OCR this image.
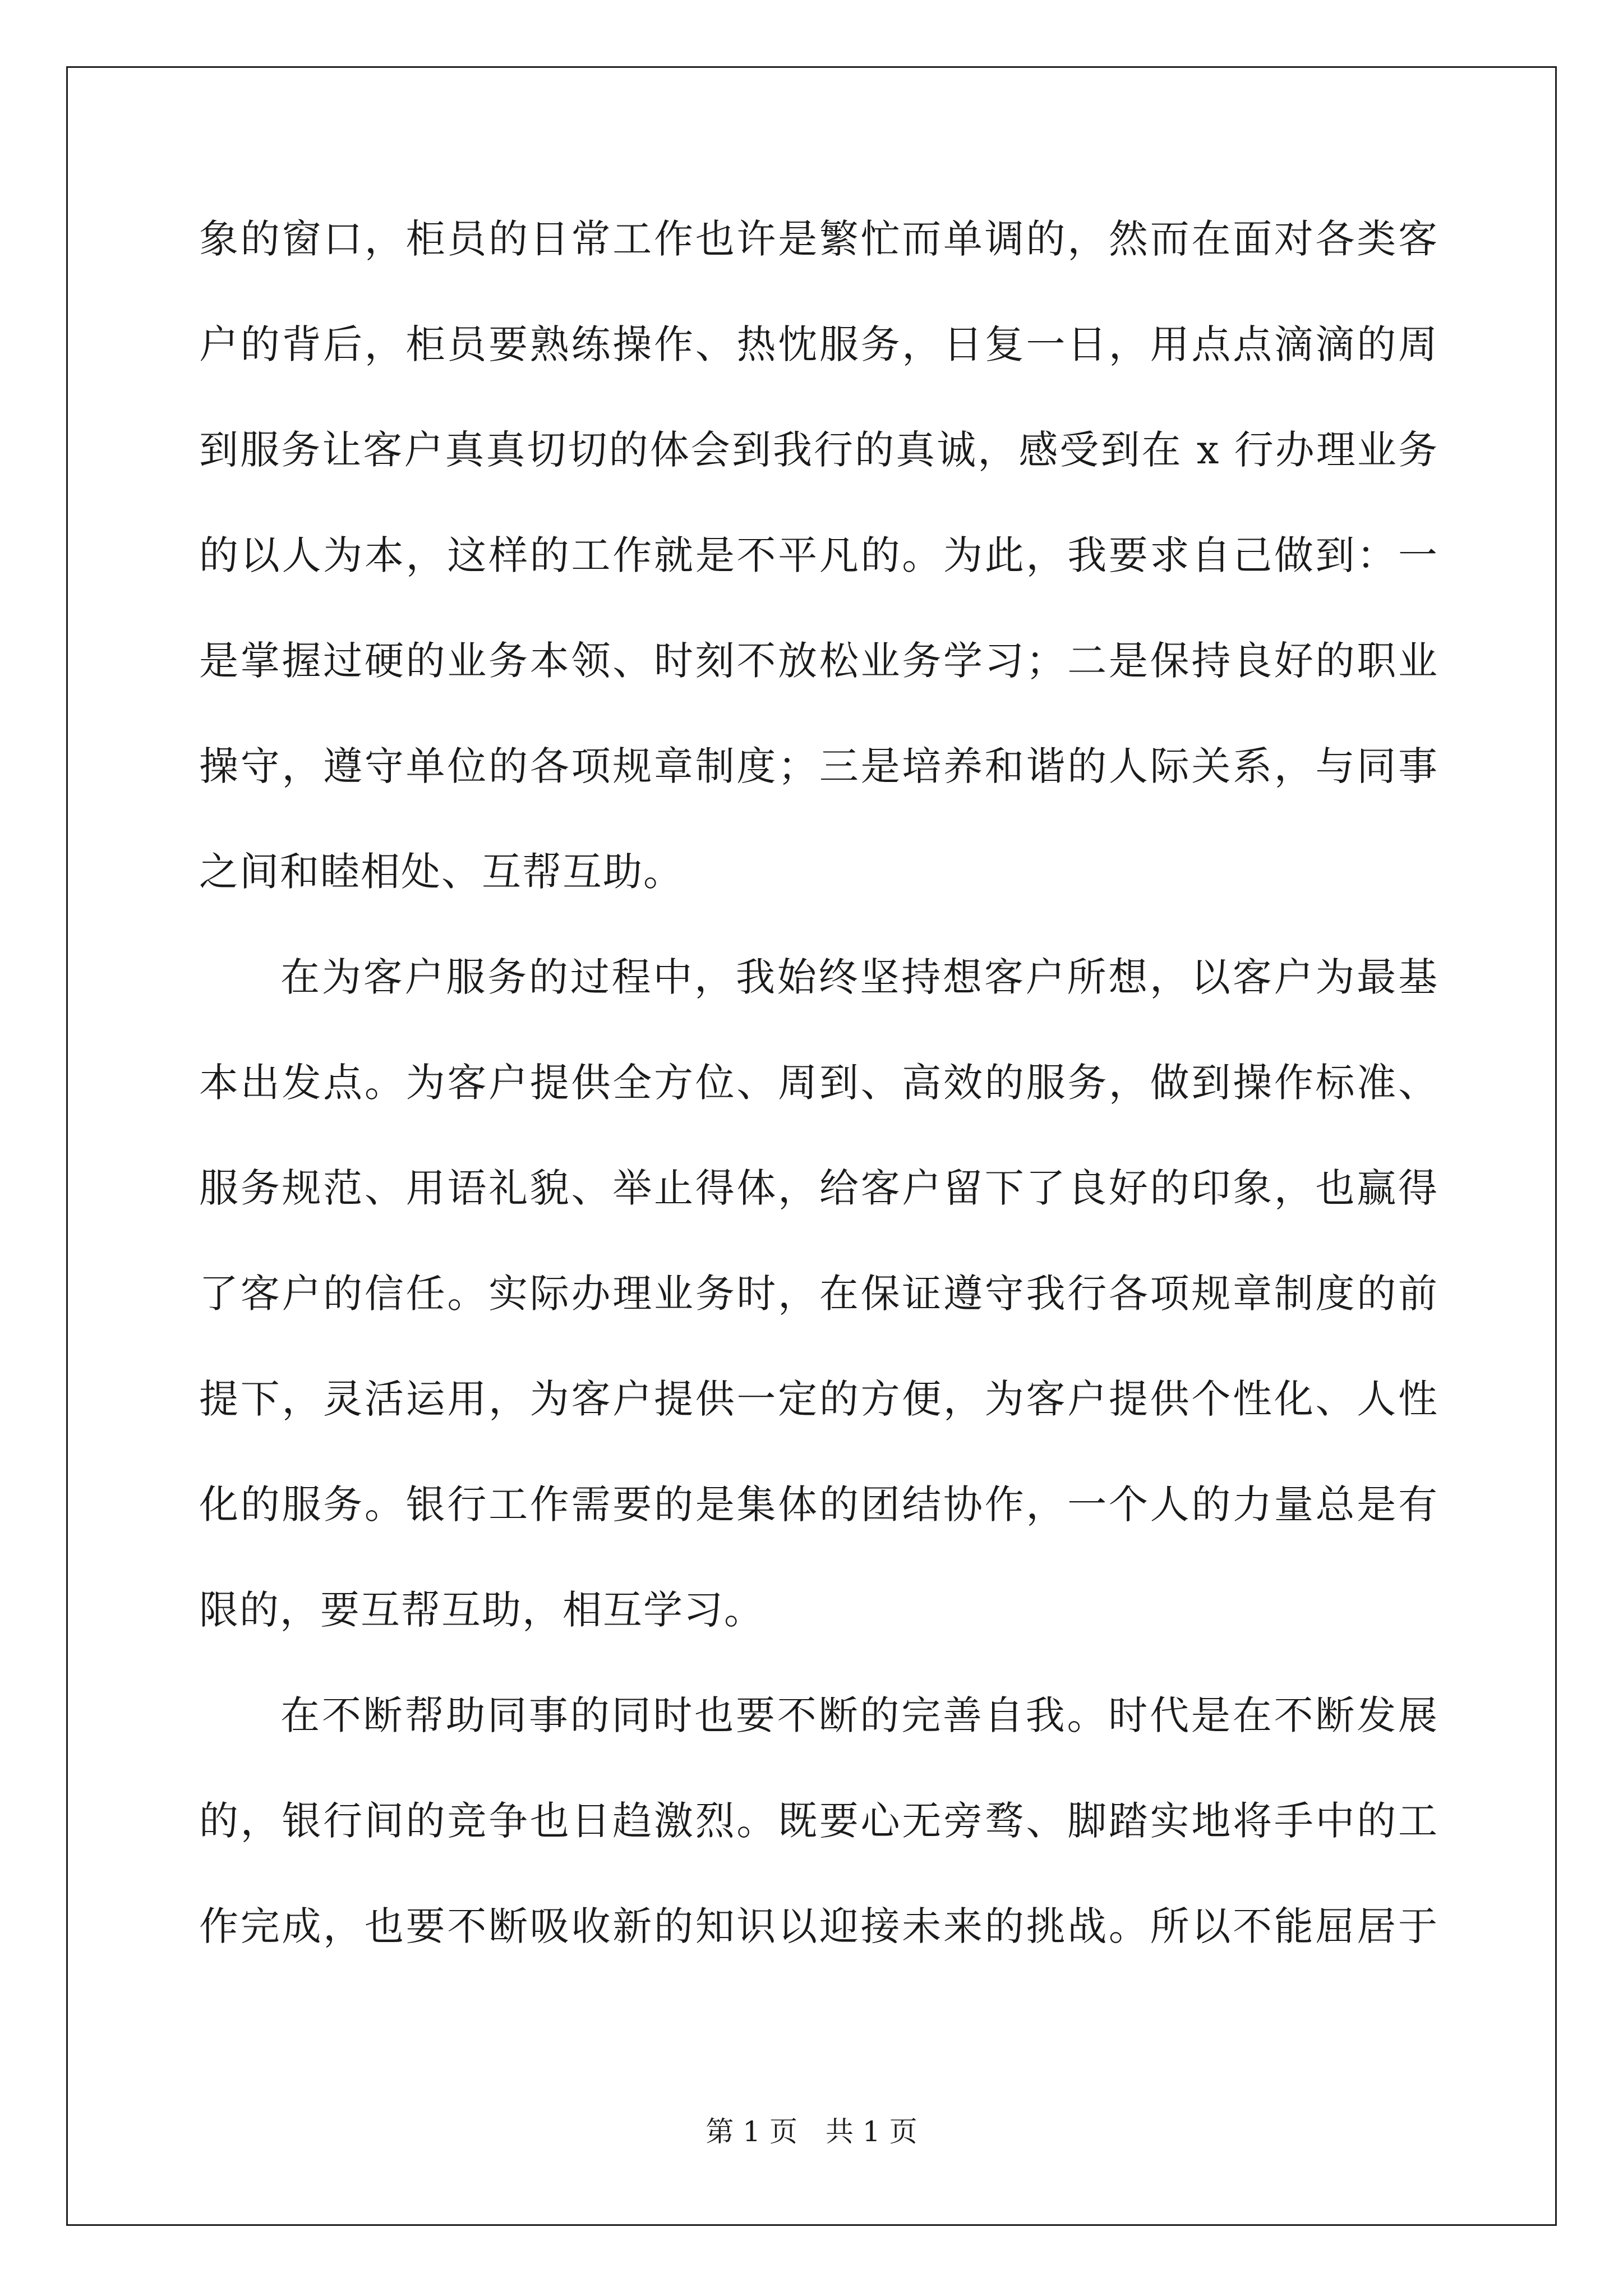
象的窗口，柜员的日常工作也许是繁忙而单调的，然而在面对各类客
户的背后，柜员要熟练操作、热忱服务，日复一日，用点点滴滴的周
到服务让客户真真切切的体会到我行的真诚，感受到在 x 行办理业务
的以人为本，这样的工作就是不平凡的。为此，我要求自己做到：一
是掌握过硬的业务本领、时刻不放松业务学习；二是保持良好的职业
操守，遵守单位的各项规章制度；三是培养和谐的人际关系，与同事
之间和睦相处、互帮互助。
在为客户服务的过程中，我始终坚持想客户所想，以客户为最基
本出发点。为客户提供全方位、周到、高效的服务，做到操作标准、
服务规范、用语礼貌、举止得体，给客户留下了良好的印象，也赢得
了客户的信任。实际办理业务时，在保证遵守我行各项规章制度的前
提下，灵活运用，为客户提供一定的方便，为客户提供个性化、人性
化的服务。银行工作需要的是集体的团结协作，一个人的力量总是有
限的，要互帮互助，相互学习。
在不断帮助同事的同时也要不断的完善自我。时代是在不断发展
的，银行间的竞争也日趋激烈。既要心无旁骛、脚踏实地将手中的工
作完成，也要不断吸收新的知识以迎接未来的挑战。所以不能屈居于
第 1 页　共 1 页
